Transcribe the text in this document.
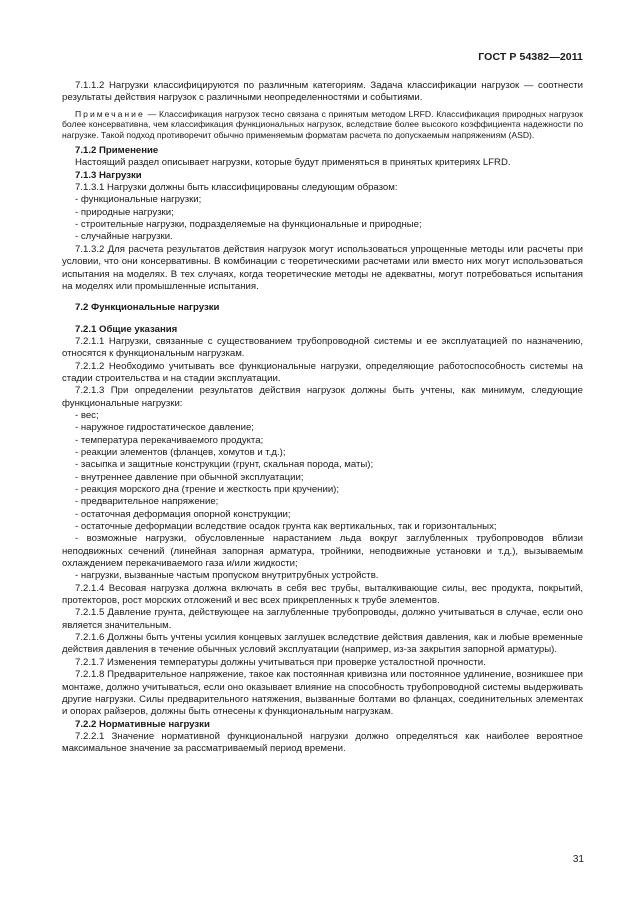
ГОСТ Р 54382—2011

7.1.1.2 Нагрузки классифицируются по различным категориям. Задача классификации нагрузок — соотнести результаты действия нагрузок с различными неопределенностями и событиями.

Примечание — Классификация нагрузок тесно связана с принятым методом LRFD. Классификация природных нагрузок более консервативна, чем классификация функциональных нагрузок, вследствие более высокого коэффициента надежности по нагрузке. Такой подход противоречит обычно применяемым форматам расчета по допускаемым напряжениям (ASD).

7.1.2 Применение

Настоящий раздел описывает нагрузки, которые будут применяться в принятых критериях LFRD.

7.1.3 Нагрузки

7.1.3.1 Нагрузки должны быть классифицированы следующим образом:

- функциональные нагрузки;

- природные нагрузки;

- строительные нагрузки, подразделяемые на функциональные и природные;

- случайные нагрузки.

7.1.3.2 Для расчета результатов действия нагрузок могут использоваться упрощенные методы или расчеты при условии, что они консервативны. В комбинации с теоретическими расчетами или вместо них могут использоваться испытания на моделях. В тех случаях, когда теоретические методы не адекватны, могут потребоваться испытания на моделях или промышленные испытания.

7.2 Функциональные нагрузки

7.2.1 Общие указания

7.2.1.1 Нагрузки, связанные с существованием трубопроводной системы и ее эксплуатацией по назначению, относятся к функциональным нагрузкам.

7.2.1.2 Необходимо учитывать все функциональные нагрузки, определяющие работоспособность системы на стадии строительства и на стадии эксплуатации.

7.2.1.3 При определении результатов действия нагрузок должны быть учтены, как минимум, следующие функциональные нагрузки:

- вес;

- наружное гидростатическое давление;

- температура перекачиваемого продукта;

- реакции элементов (фланцев, хомутов и т.д.);

- засыпка и защитные конструкции (грунт, скальная порода, маты);

- внутреннее давление при обычной эксплуатации;

- реакция морского дна (трение и жесткость при кручении);

- предварительное напряжение;

- остаточная деформация опорной конструкции;

- остаточные деформации вследствие осадок грунта как вертикальных, так и горизонтальных;

- возможные нагрузки, обусловленные нарастанием льда вокруг заглубленных трубопроводов вблизи неподвижных сечений (линейная запорная арматура, тройники, неподвижные установки и т.д.), вызываемым охлаждением перекачиваемого газа и/или жидкости;

- нагрузки, вызванные частым пропуском внутритрубных устройств.

7.2.1.4 Весовая нагрузка должна включать в себя вес трубы, выталкивающие силы, вес продукта, покрытий, протекторов, рост морских отложений и вес всех прикрепленных к трубе элементов.

7.2.1.5 Давление грунта, действующее на заглубленные трубопроводы, должно учитываться в случае, если оно является значительным.

7.2.1.6 Должны быть учтены усилия концевых заглушек вследствие действия давления, как и любые временные действия давления в течение обычных условий эксплуатации (например, из-за закрытия запорной арматуры).

7.2.1.7 Изменения температуры должны учитываться при проверке усталостной прочности.

7.2.1.8 Предварительное напряжение, такое как постоянная кривизна или постоянное удлинение, возникшее при монтаже, должно учитываться, если оно оказывает влияние на способность трубопроводной системы выдерживать другие нагрузки. Силы предварительного натяжения, вызванные болтами во фланцах, соединительных элементах и опорах райзеров, должны быть отнесены к функциональным нагрузкам.

7.2.2 Нормативные нагрузки

7.2.2.1 Значение нормативной функциональной нагрузки должно определяться как наиболее вероятное максимальное значение за рассматриваемый период времени.

31
